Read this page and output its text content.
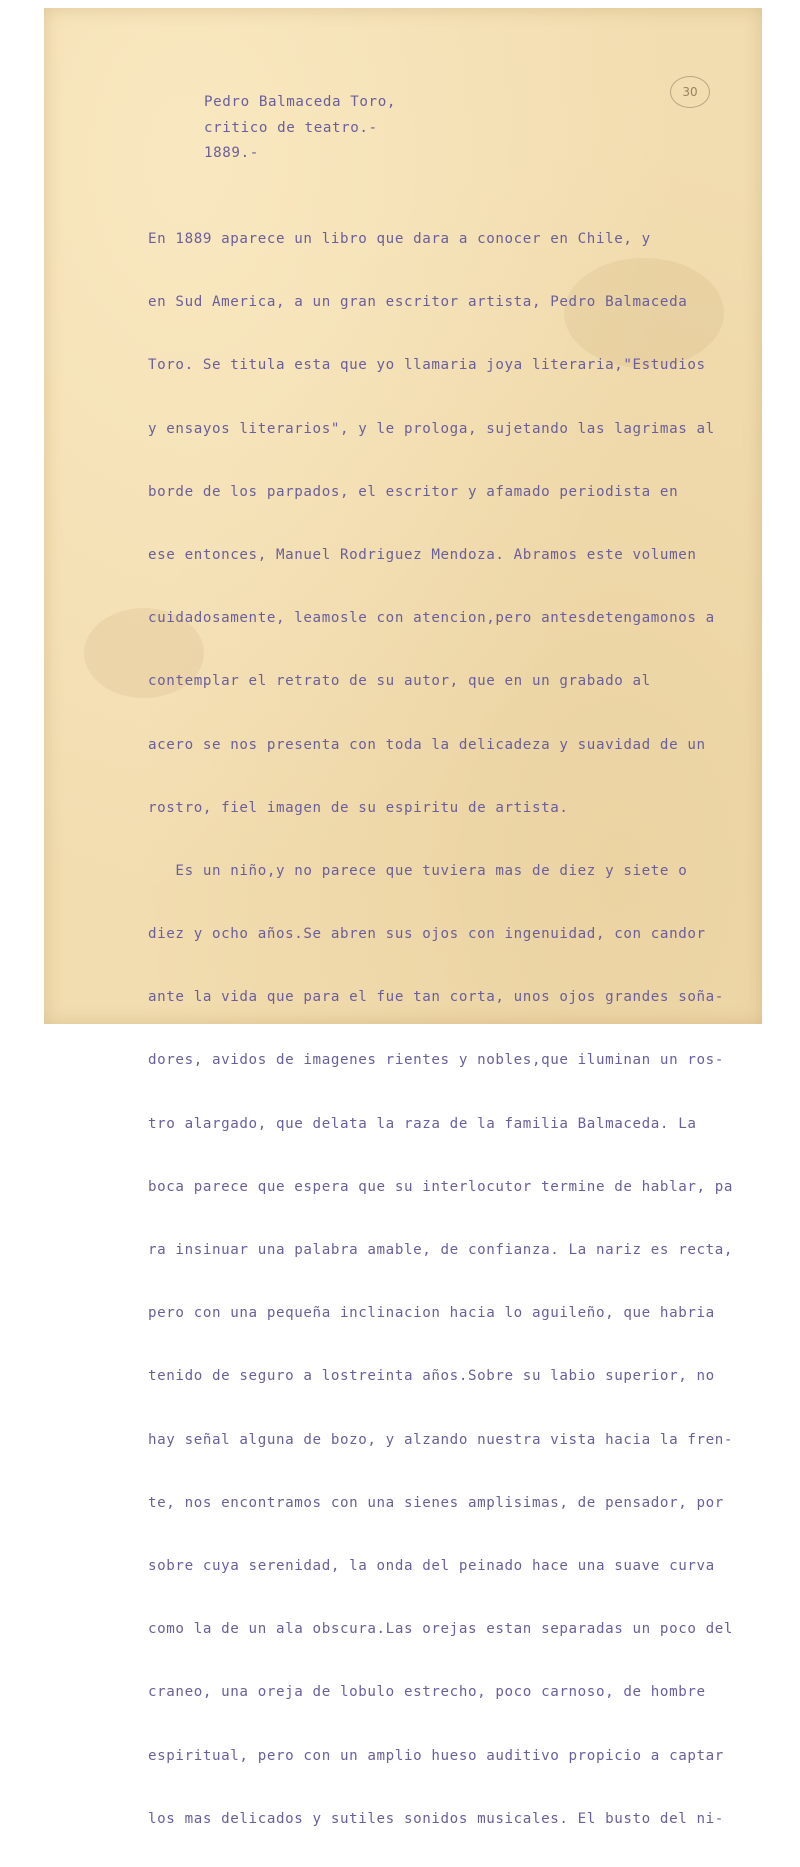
30
Pedro Balmaceda Toro,
critico de teatro.-
1889.-

En 1889 aparece un libro que dara a conocer en Chile, y

en Sud America, a un gran escritor artista, Pedro Balmaceda

Toro. Se titula esta que yo llamaria joya literaria,"Estudios

y ensayos literarios", y le prologa, sujetando las lagrimas al

borde de los parpados, el escritor y afamado periodista en

ese entonces, Manuel Rodriguez Mendoza. Abramos este volumen

cuidadosamente, leamosle con atencion,pero antesdetengamonos a

contemplar el retrato de su autor, que en un grabado al

acero se nos presenta con toda la delicadeza y suavidad de un

rostro, fiel imagen de su espiritu de artista.

Es un niño,y no parece que tuviera mas de diez y siete o

diez y ocho años.Se abren sus ojos con ingenuidad, con candor

ante la vida que para el fue tan corta, unos ojos grandes soña-

dores, avidos de imagenes rientes y nobles,que iluminan un ros-

tro alargado, que delata la raza de la familia Balmaceda. La

boca parece que espera que su interlocutor termine de hablar, pa

ra insinuar una palabra amable, de confianza. La nariz es recta,

pero con una pequeña inclinacion hacia lo aguileño, que habria

tenido de seguro a lostreinta años.Sobre su labio superior, no

hay señal alguna de bozo, y alzando nuestra vista hacia la fren-

te, nos encontramos con una sienes amplisimas, de pensador, por

sobre cuya serenidad, la onda del peinado hace una suave curva

como la de un ala obscura.Las orejas estan separadas un poco del

craneo, una oreja de lobulo estrecho, poco carnoso, de hombre

espiritual, pero con un amplio hueso auditivo propicio a captar

los mas delicados y sutiles sonidos musicales. El busto del ni-
